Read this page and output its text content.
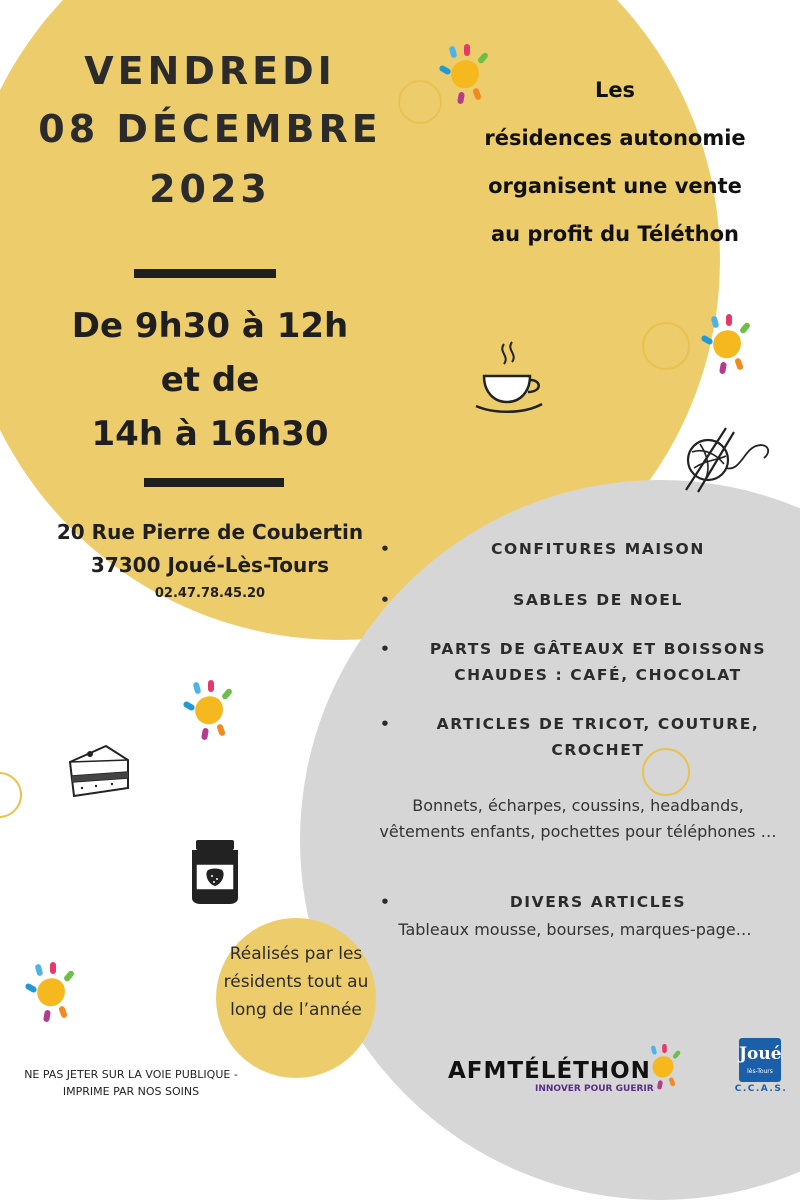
VENDREDI
08 DÉCEMBRE
2023
De 9h30 à 12h
et de
14h à 16h30
20 Rue Pierre de Coubertin
37300 Joué-Lès-Tours
02.47.78.45.20
Les
résidences autonomie
organisent une vente
au profit du Téléthon
•	CONFITURES MAISON
•	SABLES DE NOEL
•	PARTS DE GÂTEAUX ET BOISSONS CHAUDES : CAFÉ, CHOCOLAT
•	ARTICLES DE TRICOT, COUTURE, CROCHET
Bonnets, écharpes, coussins, headbands, vêtements enfants, pochettes pour téléphones …
•	DIVERS ARTICLES
Tableaux mousse, bourses, marques-page…
Réalisés par les résidents tout au long de l’année
NE PAS JETER SUR LA VOIE PUBLIQUE -
IMPRIME PAR NOS SOINS
AFMTÉLÉTHON
INNOVER POUR GUERIR
Joué
lès-Tours
C.C.A.S.
